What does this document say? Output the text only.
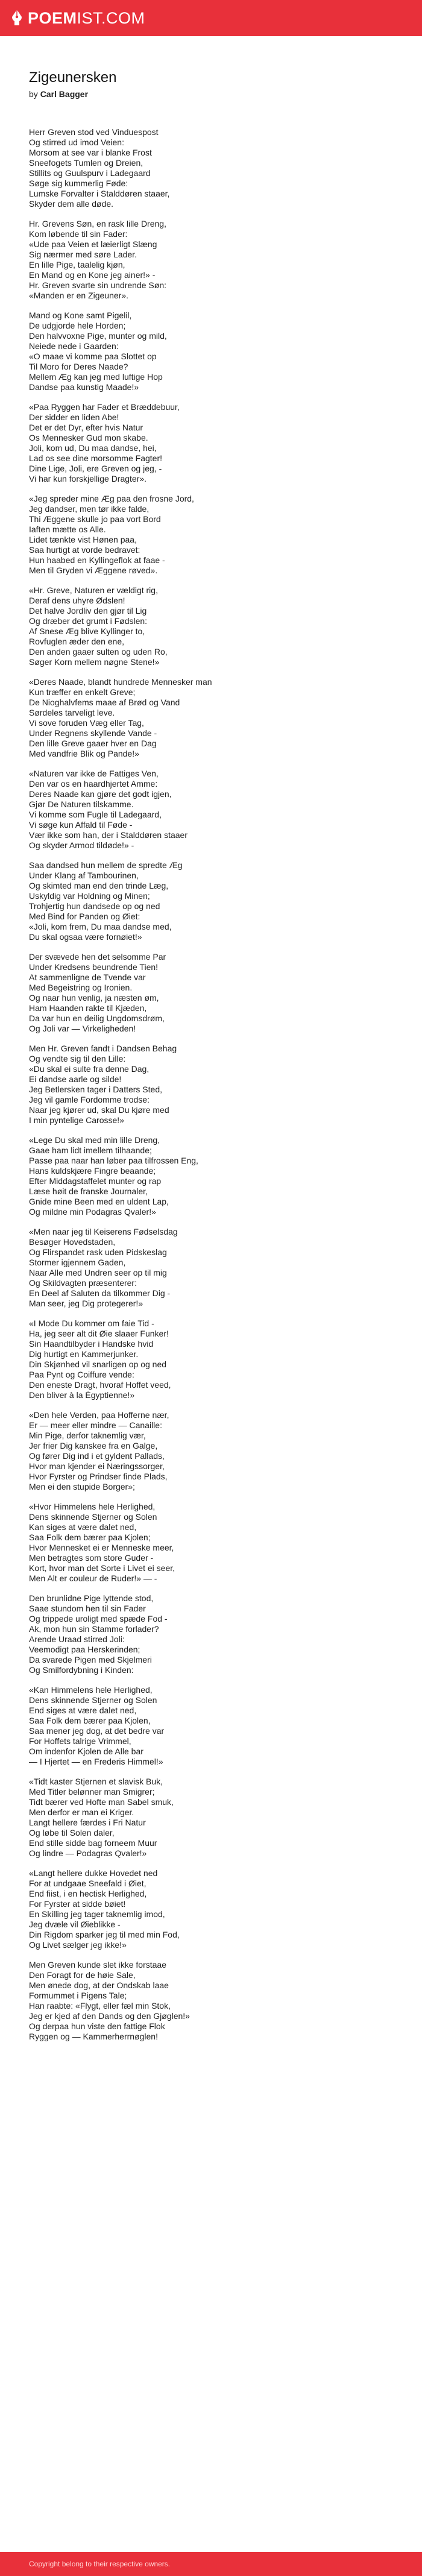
POEMIST.COM
Zigeunersken
by Carl Bagger
Herr Greven stod ved Vinduespost
Og stirred ud imod Veien:
Morsom at see var i blanke Frost
Sneefogets Tumlen og Dreien,
Stillits og Guulspurv i Ladegaard
Søge sig kummerlig Føde:
Lumske Forvalter i Stalddøren staaer,
Skyder dem alle døde.
Hr. Grevens Søn, en rask lille Dreng,
Kom løbende til sin Fader:
«Ude paa Veien et læierligt Slæng
Sig nærmer med søre Lader.
En lille Pige, taalelig kjøn,
En Mand og en Kone jeg ainer!» -
Hr. Greven svarte sin undrende Søn:
«Manden er en Zigeuner».
Mand og Kone samt Pigelil,
De udgjorde hele Horden;
Den halvvoxne Pige, munter og mild,
Neiede nede i Gaarden:
«O maae vi komme paa Slottet op
Til Moro for Deres Naade?
Mellem Æg kan jeg med luftige Hop
Dandse paa kunstig Maade!»
«Paa Ryggen har Fader et Bræddebuur,
Der sidder en liden Abe!
Det er det Dyr, efter hvis Natur
Os Mennesker Gud mon skabe.
Joli, kom ud, Du maa dandse, hei,
Lad os see dine morsomme Fagter!
Dine Lige, Joli, ere Greven og jeg, -
Vi har kun forskjellige Dragter».
«Jeg spreder mine Æg paa den frosne Jord,
Jeg dandser, men tør ikke falde,
Thi Æggene skulle jo paa vort Bord
Iaften mætte os Alle.
Lidet tænkte vist Hønen paa,
Saa hurtigt at vorde bedravet:
Hun haabed en Kyllingeflok at faae -
Men til Gryden vi Æggene røved».
«Hr. Greve, Naturen er vældigt rig,
Deraf dens uhyre Ødslen!
Det halve Jordliv den gjør til Lig
Og dræber det grumt i Fødslen:
Af Snese Æg blive Kyllinger to,
Rovfuglen æder den ene,
Den anden gaaer sulten og uden Ro,
Søger Korn mellem nøgne Stene!»
«Deres Naade, blandt hundrede Mennesker man
Kun træffer en enkelt Greve;
De Nioghalvfems maae af Brød og Vand
Sørdeles tarveligt leve.
Vi sove foruden Væg eller Tag,
Under Regnens skyllende Vande -
Den lille Greve gaaer hver en Dag
Med vandfrie Blik og Pande!»
«Naturen var ikke de Fattiges Ven,
Den var os en haardhjertet Amme:
Deres Naade kan gjøre det godt igjen,
Gjør De Naturen tilskamme.
Vi komme som Fugle til Ladegaard,
Vi søge kun Affald til Føde -
Vær ikke som han, der i Stalddøren staaer
Og skyder Armod tildøde!» -
Saa dandsed hun mellem de spredte Æg
Under Klang af Tambourinen,
Og skimted man end den trinde Læg,
Uskyldig var Holdning og Minen;
Trohjertig hun dandsede op og ned
Med Bind for Panden og Øiet:
«Joli, kom frem, Du maa dandse med,
Du skal ogsaa være fornøiet!»
Der svævede hen det selsomme Par
Under Kredsens beundrende Tien!
At sammenligne de Tvende var
Med Begeistring og Ironien.
Og naar hun venlig, ja næsten øm,
Ham Haanden rakte til Kjæden,
Da var hun en deilig Ungdomsdrøm,
Og Joli var — Virkeligheden!
Men Hr. Greven fandt i Dandsen Behag
Og vendte sig til den Lille:
«Du skal ei sulte fra denne Dag,
Ei dandse aarle og silde!
Jeg Betlersken tager i Datters Sted,
Jeg vil gamle Fordomme trodse:
Naar jeg kjører ud, skal Du kjøre med
I min pyntelige Carosse!»
«Lege Du skal med min lille Dreng,
Gaae ham lidt imellem tilhaande;
Passe paa naar han løber paa tilfrossen Eng,
Hans kuldskjære Fingre beaande;
Efter Middagstaffelet munter og rap
Læse høit de franske Journaler,
Gnide mine Been med en uldent Lap,
Og mildne min Podagras Qvaler!»
«Men naar jeg til Keiserens Fødselsdag
Besøger Hovedstaden,
Og Flirspandet rask uden Pidskeslag
Stormer igjennem Gaden,
Naar Alle med Undren seer op til mig
Og Skildvagten præsenterer:
En Deel af Saluten da tilkommer Dig -
Man seer, jeg Dig protegerer!»
«I Mode Du kommer om faie Tid -
Ha, jeg seer alt dit Øie slaaer Funker!
Sin Haandtilbyder i Handske hvid
Dig hurtigt en Kammerjunker.
Din Skjønhed vil snarligen op og ned
Paa Pynt og Coiffure vende:
Den eneste Dragt, hvoraf Hoffet veed,
Den bliver à la Égyptienne!»
«Den hele Verden, paa Hofferne nær,
Er — meer eller mindre — Canaille:
Min Pige, derfor taknemlig vær,
Jer frier Dig kanskee fra en Galge,
Og fører Dig ind i et gyldent Pallads,
Hvor man kjender ei Næringssorger,
Hvor Fyrster og Prindser finde Plads,
Men ei den stupide Borger»;
«Hvor Himmelens hele Herlighed,
Dens skinnende Stjerner og Solen
Kan siges at være dalet ned,
Saa Folk dem bærer paa Kjolen;
Hvor Mennesket ei er Menneske meer,
Men betragtes som store Guder -
Kort, hvor man det Sorte i Livet ei seer,
Men Alt er couleur de Ruder!» — -
Den brunlidne Pige lyttende stod,
Saae stundom hen til sin Fader
Og trippede uroligt med spæde Fod -
Ak, mon hun sin Stamme forlader?
Arende Uraad stirred Joli:
Veemodigt paa Herskerinden;
Da svarede Pigen med Skjelmeri
Og Smilfordybning i Kinden:
«Kan Himmelens hele Herlighed,
Dens skinnende Stjerner og Solen
End siges at være dalet ned,
Saa Folk dem bærer paa Kjolen,
Saa mener jeg dog, at det bedre var
For Hoffets talrige Vrimmel,
Om indenfor Kjolen de Alle bar
— I Hjertet — en Frederis Himmel!»
«Tidt kaster Stjernen et slavisk Buk,
Med Titler belønner man Smigrer;
Tidt bærer ved Hofte man Sabel smuk,
Men derfor er man ei Kriger.
Langt hellere færdes i Fri Natur
Og løbe til Solen daler,
End stille sidde bag forneem Muur
Og lindre — Podagras Qvaler!»
«Langt hellere dukke Hovedet ned
For at undgaae Sneefald i Øiet,
End fiist, i en hectisk Herlighed,
For Fyrster at sidde bøiet!
En Skilling jeg tager taknemlig imod,
Jeg dvæle vil Øieblikke -
Din Rigdom sparker jeg til med min Fod,
Og Livet sælger jeg ikke!»
Men Greven kunde slet ikke forstaae
Den Foragt for de høie Sale,
Men ønede dog, at der Ondskab laae
Formummet i Pigens Tale;
Han raabte: «Flygt, eller fæl min Stok,
Jeg er kjed af den Dands og den Gjøglen!»
Og derpaa hun viste den fattige Flok
Ryggen og — Kammerherrnøglen!
Copyright belong to their respective owners.
